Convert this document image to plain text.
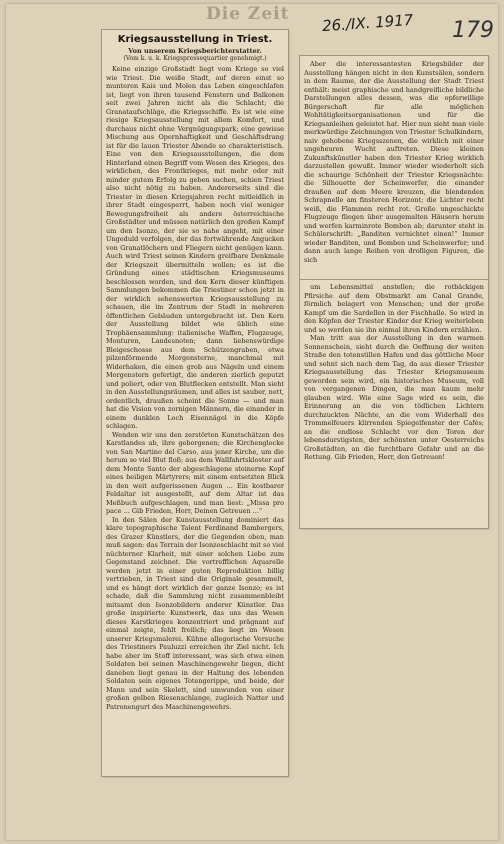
Die Zeit	26./IX. 1917 179
Kriegsausstellung in Triest.
Von unserem Kriegsberichterstatter.
(Vom k. u. k. Kriegspressequartier genehmigt.)

Keine einzige Großstadt liegt vom Kriege so viel wie Triest. Die weiße Stadt, auf deren einst so munteren Kais und Molen das Leben eingeschlafen ist, liegt von ihren tausend Fenstern und Balkonen seit zwei Jahren nicht als die Schlacht; die Granataufschläge, die Kriegsschiffe. Es ist wie eine riesige Kriegsausstellung mit allem Komfort, und durchaus nicht ohne Vergnügungspark; eine gewisse Mischung aus Opernhaftigkeit und Geschäftsdrang ist für die lauen Triester Abende so charakteristisch. Eine von den Kriegsausstellungen, die dem Hinterland einen Begriff vom Wesen des Krieges, des wirklichen, des Frontkrieges, mit mehr oder mit minder gutem Erfolg zu geben suchen, schien Triest also nicht nötig zu haben. Andererseits sind die Triester in diesen Kriegsjahren recht mitleidlich in ihrer Stadt eingesperrt, haben noch viel weniger Bewegungsfreiheit als andere österreichische Großstädter und müssen natürlich den großen Kampf um den Isonzo, der sie so nahe angeht, mit einer Ungeduld verfolgen, der das fortwährende Angucken von Granatlöchern und Fliegern nicht genügen kann. Auch wird Triest seinen Kindern greifbare Denkmale der Kriegszeit übermitteln wollen; es ist die Gründung eines städtischen Kriegsmuseums beschlossen worden, und den Kern dieser künftigen Sammlungen bekommen die Triestiner schon jetzt in der wirklich sehenswerten Kriegsausstellung zu schauen, die im Zentrum der Stadt in mehreren öffentlichen Gebäuden untergebracht ist. Den Kern der Ausstellung bildet wie üblich eine Trophäensammlung: italienische Waffen, Flugzeuge, Monturen, Landesnoten; dann liebenswürdige Bleigeschosse aus dem Schützengraben, etwa pilzenförmende Morgensterne, manchmal mit Widerhaken, die einen grob aus Nägeln und einem Morgenstern gefertigt, die anderen zierlich geputzt und poliert, oder von Blutflecken entstellt. Man sieht in den Ausstellungsräumen, und alles ist sauber, nett, ordentlich, draußen scheint die Sonne — und man hat die Vision von zornigen Männern, die einander in einem dunklen Loch Eisennägel in die Köpfe schlagen.

Wenden wir uns den zerstörten Kunstschätzen des Karstlandes ab, ihre geborgenen; die Kirchenglocke von San Martino del Carso, aus jener Kirche, um die herum so viel Blut floß; aus dem Wallfahrtskloster auf dem Monte Santo der abgeschlagene steinerne Kopf eines heiligen Märtyrers; mit einem entsetzten Blick in den weit aufgerissenen Augen ... Ein kostbarer Feldaltar ist ausgestellt, auf dem Altar ist das Meßbuch aufgeschlagen, und man liest: „Missa pro pace ... Gib Frieden, Herr, Deinen Getreuen ...“

In den Sälen der Kunstausstellung dominiert das klare topographische Talent Ferdinand Bambergers, des Grazer Künstlers, der die Gegenden oben, man muß sagen: das Terrain der Isonzoschlacht mit so viel nüchterner Klarheit, mit einer solchen Liebe zum Gegenstand zeichnet. Die vortrefflichen Aquarelle werden jetzt in einer guten Reproduktion billig vertrieben, in Triest sind die Originale gesammelt, und es hängt dort wirklich der ganze Isonzo; es ist schade, daß die Sammlung nicht zusammenbleibt mitsamt den Isonzobildern anderer Künstler. Das große inspirierte Kunstwerk, das uns das Wesen dieses Karstkrieges konzentriert und prägnant auf einmal zeigte, fehlt freilich; das liegt im Wesen unserer Kriegsmalerei. Kühne allegorische Versuche des Triestiners Pauluzzi erreichen ihr Ziel nicht. Ich habe aber im Stoff interessant, was sich etwa einen Soldaten bei seinen Maschinengewehr liegen, dicht daneben liegt genau in der Haltung des lebenden Soldaten sein eigenes Totengerippe, und beide, der Mann und sein Skelett, sind umwunden von einer großen gelben Riesenschlange, zugleich Natter und Patronengurt des Maschinengewehrs.

Aber die interessantesten Kriegsbilder der Ausstellung hängen nicht in den Kunstsälen, sondern in dem Raume, der die Ausstellung der Stadt Triest enthält: meist graphische und handgreifliche bildliche Darstellungen alles dessen, was die opferwillige Bürgerschaft für alle möglichen Wohltätigkeitsorganisationen und für die Kriegsanleihen geleistet hat. Hier nun sieht man viele merkwürdige Zeichnungen von Triester Schulkindern, naiv gehobene Kriegsszenen, die wirklich mit einer ungeheuren Wucht auftreten. Diese kleinen Zukunftskünstler haben den Triester Krieg wirklich darzustellen gewußt. Immer wieder wiederholt sich die schaurige Schönheit der Triester Kriegsnächte: die Silhouette der Scheinwerfer, die einander draußen auf dem Meere kreuzen, die blendenden Schrapnelle am finsteren Horizont; die Lichter recht weiß, die Flammen recht rot. Große ungeschickte Flugzeuge fliegen über ausgemalten Häusern herum und werfen karminrote Bomben ab; darunter steht in Schülerschrift: „Banditen vernichtet einen!“ Immer wieder Banditen, und Bomben und Scheinwerfer; und dann auch lange Reihen von drolligen Figuren, die sich

um Lebensmittel anstellen; die rotbäckigen Pfirsiche auf dem Obstmarkt am Canal Grande, förmlich belagert von Menschen; und der große Kampf um die Sardellen in der Fischhalle. So wird in den Köpfen der Triester Kinder der Krieg weiterleben und so werden sie ihn einmal ihren Kindern erzählen.

Man tritt aus der Ausstellung in den warmen Sonnenschein, sieht durch die Oeffnung der weiten Straße den totenstillen Hafen und das göttliche Meer und sehnt sich nach dem Tag, da aus dieser Triester Kriegsausstellung das Triester Kriegsmuseum geworden sein wird, ein historisches Museum, voll von vergangenen Dingen, die man kaum mehr glauben wird. Wie eine Sage wird es sein, die Erinnerung an die von tödlichen Lichtern durchzuckten Nächte, an die vom Widerhall des Trommelfeuers klirrenden Spiegelfenster der Cafés; an die endlose Schlacht vor den Toren der lebensdurstigsten, der schönsten unter Oesterreichs Großstädten, an die furchtbare Gefahr und an die Rettung. Gib Frieden, Herr, den Getreuen!
